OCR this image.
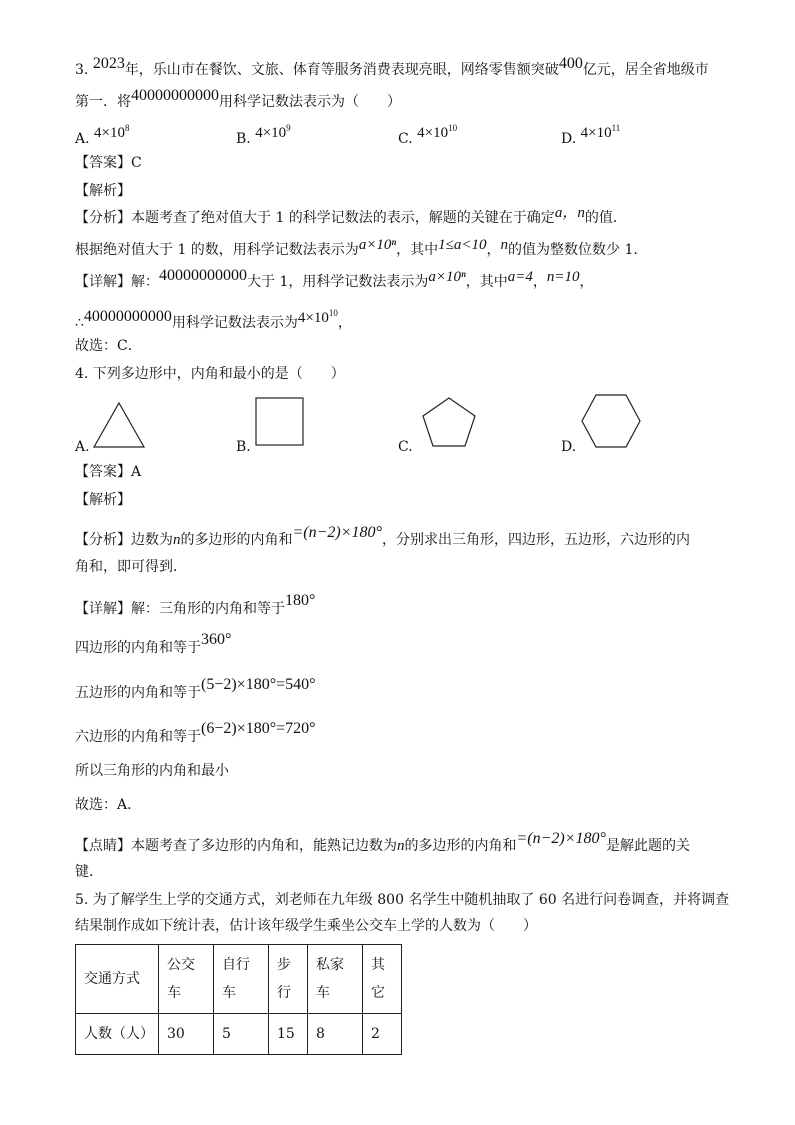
3. 2023年，乐山市在餐饮、文旅、体育等服务消费表现亮眼，网络零售额突破400亿元，居全省地级市
第一．将40000000000用科学记数法表示为（　　）
A. $4\times 10^8$
B. $4\times 10^9$
C. $4\times 10^{10}$
D. $4\times 10^{11}$
【答案】C
【解析】
【分析】本题考查了绝对值大于 1 的科学记数法的表示，解题的关键在于确定a，n的值．
根据绝对值大于 1 的数，用科学记数法表示为a×10ⁿ，其中1≤a<10，n的值为整数位数少 1．
【详解】解：40000000000大于 1，用科学记数法表示为a×10ⁿ，其中a=4，n=10，
∴40000000000用科学记数法表示为$4\times 10^{10}$，
故选：C．
4. 下列多边形中，内角和最小的是（　　）
A.	B.	C.	D.
【答案】A
【解析】
【分析】边数为n的多边形的内角和=(n−2)×180°，分别求出三角形，四边形，五边形，六边形的内
角和，即可得到．
【详解】解：三角形的内角和等于180°
四边形的内角和等于360°
五边形的内角和等于(5−2)×180°=540°
六边形的内角和等于(6−2)×180°=720°
所以三角形的内角和最小
故选：A．
【点睛】本题考查了多边形的内角和，能熟记边数为n的多边形的内角和=(n−2)×180°是解此题的关
键．
5. 为了解学生上学的交通方式，刘老师在九年级 800 名学生中随机抽取了 60 名进行问卷调查，并将调查
结果制作成如下统计表，估计该年级学生乘坐公交车上学的人数为（　　）
交通方式	公交车	自行车	步行	私家车	其它
人数（人）	30	5	15	8	2
